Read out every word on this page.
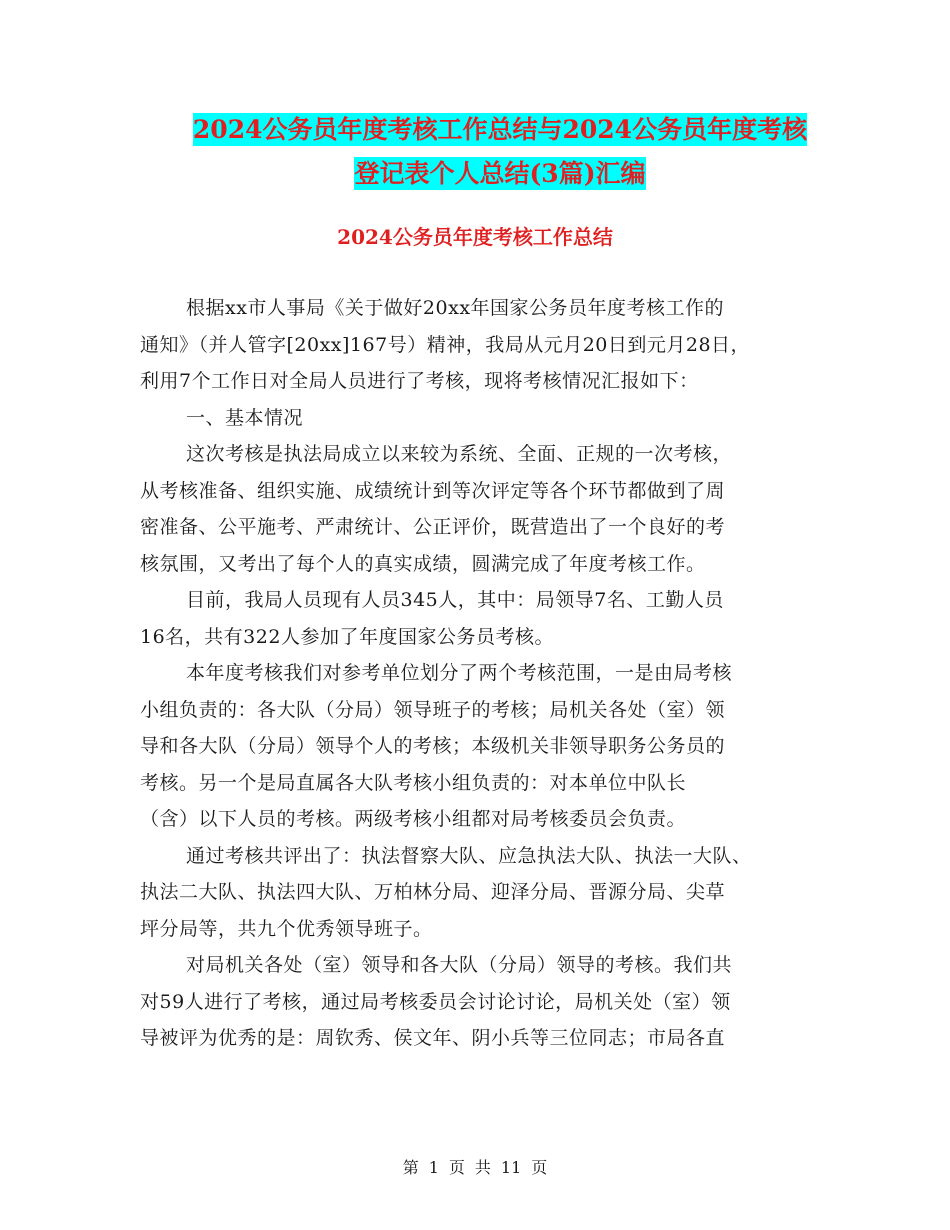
2024公务员年度考核工作总结与2024公务员年度考核
登记表个人总结(3篇)汇编
2024公务员年度考核工作总结
根据xx市人事局《关于做好20xx年国家公务员年度考核工作的
通知》（并人管字[20xx]167号）精神，我局从元月20日到元月28日，
利用7个工作日对全局人员进行了考核，现将考核情况汇报如下：
一、基本情况
这次考核是执法局成立以来较为系统、全面、正规的一次考核，
从考核准备、组织实施、成绩统计到等次评定等各个环节都做到了周
密准备、公平施考、严肃统计、公正评价，既营造出了一个良好的考
核氛围，又考出了每个人的真实成绩，圆满完成了年度考核工作。
目前，我局人员现有人员345人，其中：局领导7名、工勤人员
16名，共有322人参加了年度国家公务员考核。
本年度考核我们对参考单位划分了两个考核范围，一是由局考核
小组负责的：各大队（分局）领导班子的考核；局机关各处（室）领
导和各大队（分局）领导个人的考核；本级机关非领导职务公务员的
考核。另一个是局直属各大队考核小组负责的：对本单位中队长
（含）以下人员的考核。两级考核小组都对局考核委员会负责。
通过考核共评出了：执法督察大队、应急执法大队、执法一大队、
执法二大队、执法四大队、万柏林分局、迎泽分局、晋源分局、尖草
坪分局等，共九个优秀领导班子。
对局机关各处（室）领导和各大队（分局）领导的考核。我们共
对59人进行了考核，通过局考核委员会讨论讨论，局机关处（室）领
导被评为优秀的是：周钦秀、侯文年、阴小兵等三位同志；市局各直
第 1 页 共 11 页
